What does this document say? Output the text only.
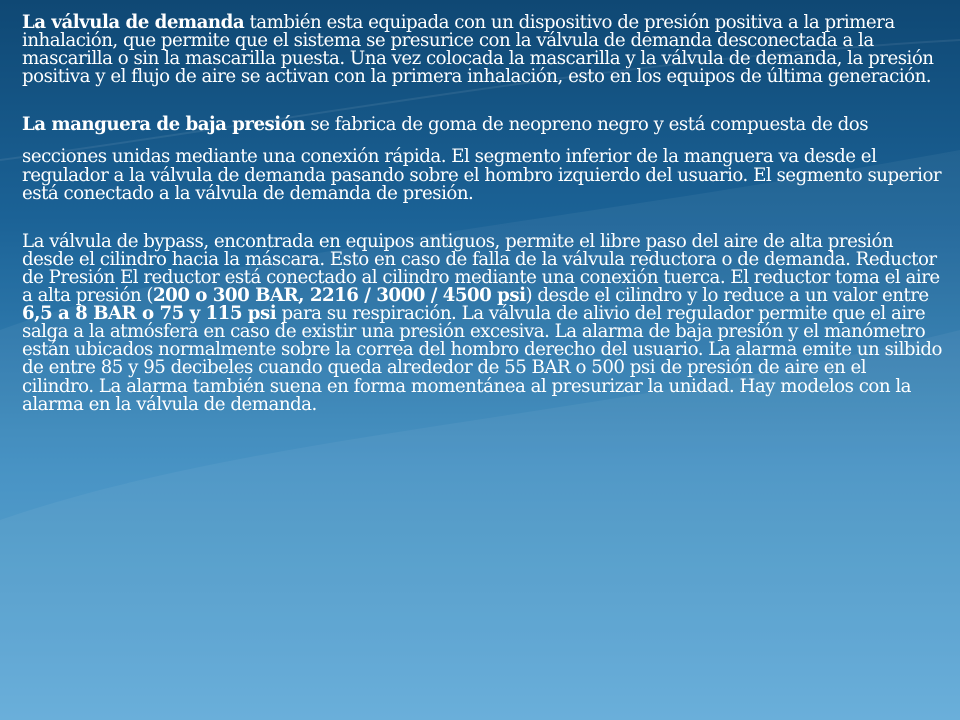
La válvula de demanda también esta equipada con un dispositivo de presión positiva a la primera inhalación, que permite que el sistema se presurice con la válvula de demanda desconectada a la mascarilla o sin la mascarilla puesta. Una vez colocada la mascarilla y la válvula de demanda, la presión positiva y el flujo de aire se activan con la primera inhalación, esto en los equipos de última generación.

La manguera de baja presión se fabrica de goma de neopreno negro y está compuesta de dos

secciones unidas mediante una conexión rápida. El segmento inferior de la manguera va desde el regulador a la válvula de demanda pasando sobre el hombro izquierdo del usuario. El segmento superior está conectado a la válvula de demanda de presión.

La válvula de bypass, encontrada en equipos antiguos, permite el libre paso del aire de alta presión desde el cilindro hacia la máscara. Esto en caso de falla de la válvula reductora o de demanda. Reductor de Presión El reductor está conectado al cilindro mediante una conexión tuerca. El reductor toma el aire a alta presión (200 o 300 BAR, 2216 / 3000 / 4500 psi) desde el cilindro y lo reduce a un valor entre 6,5 a 8 BAR o 75 y 115 psi para su respiración. La válvula de alivio del regulador permite que el aire salga a la atmósfera en caso de existir una presión excesiva. La alarma de baja presión y el manómetro están ubicados normalmente sobre la correa del hombro derecho del usuario. La alarma emite un silbido de entre 85 y 95 decibeles cuando queda alrededor de 55 BAR o 500 psi de presión de aire en el cilindro. La alarma también suena en forma momentánea al presurizar la unidad. Hay modelos con la alarma en la válvula de demanda.
